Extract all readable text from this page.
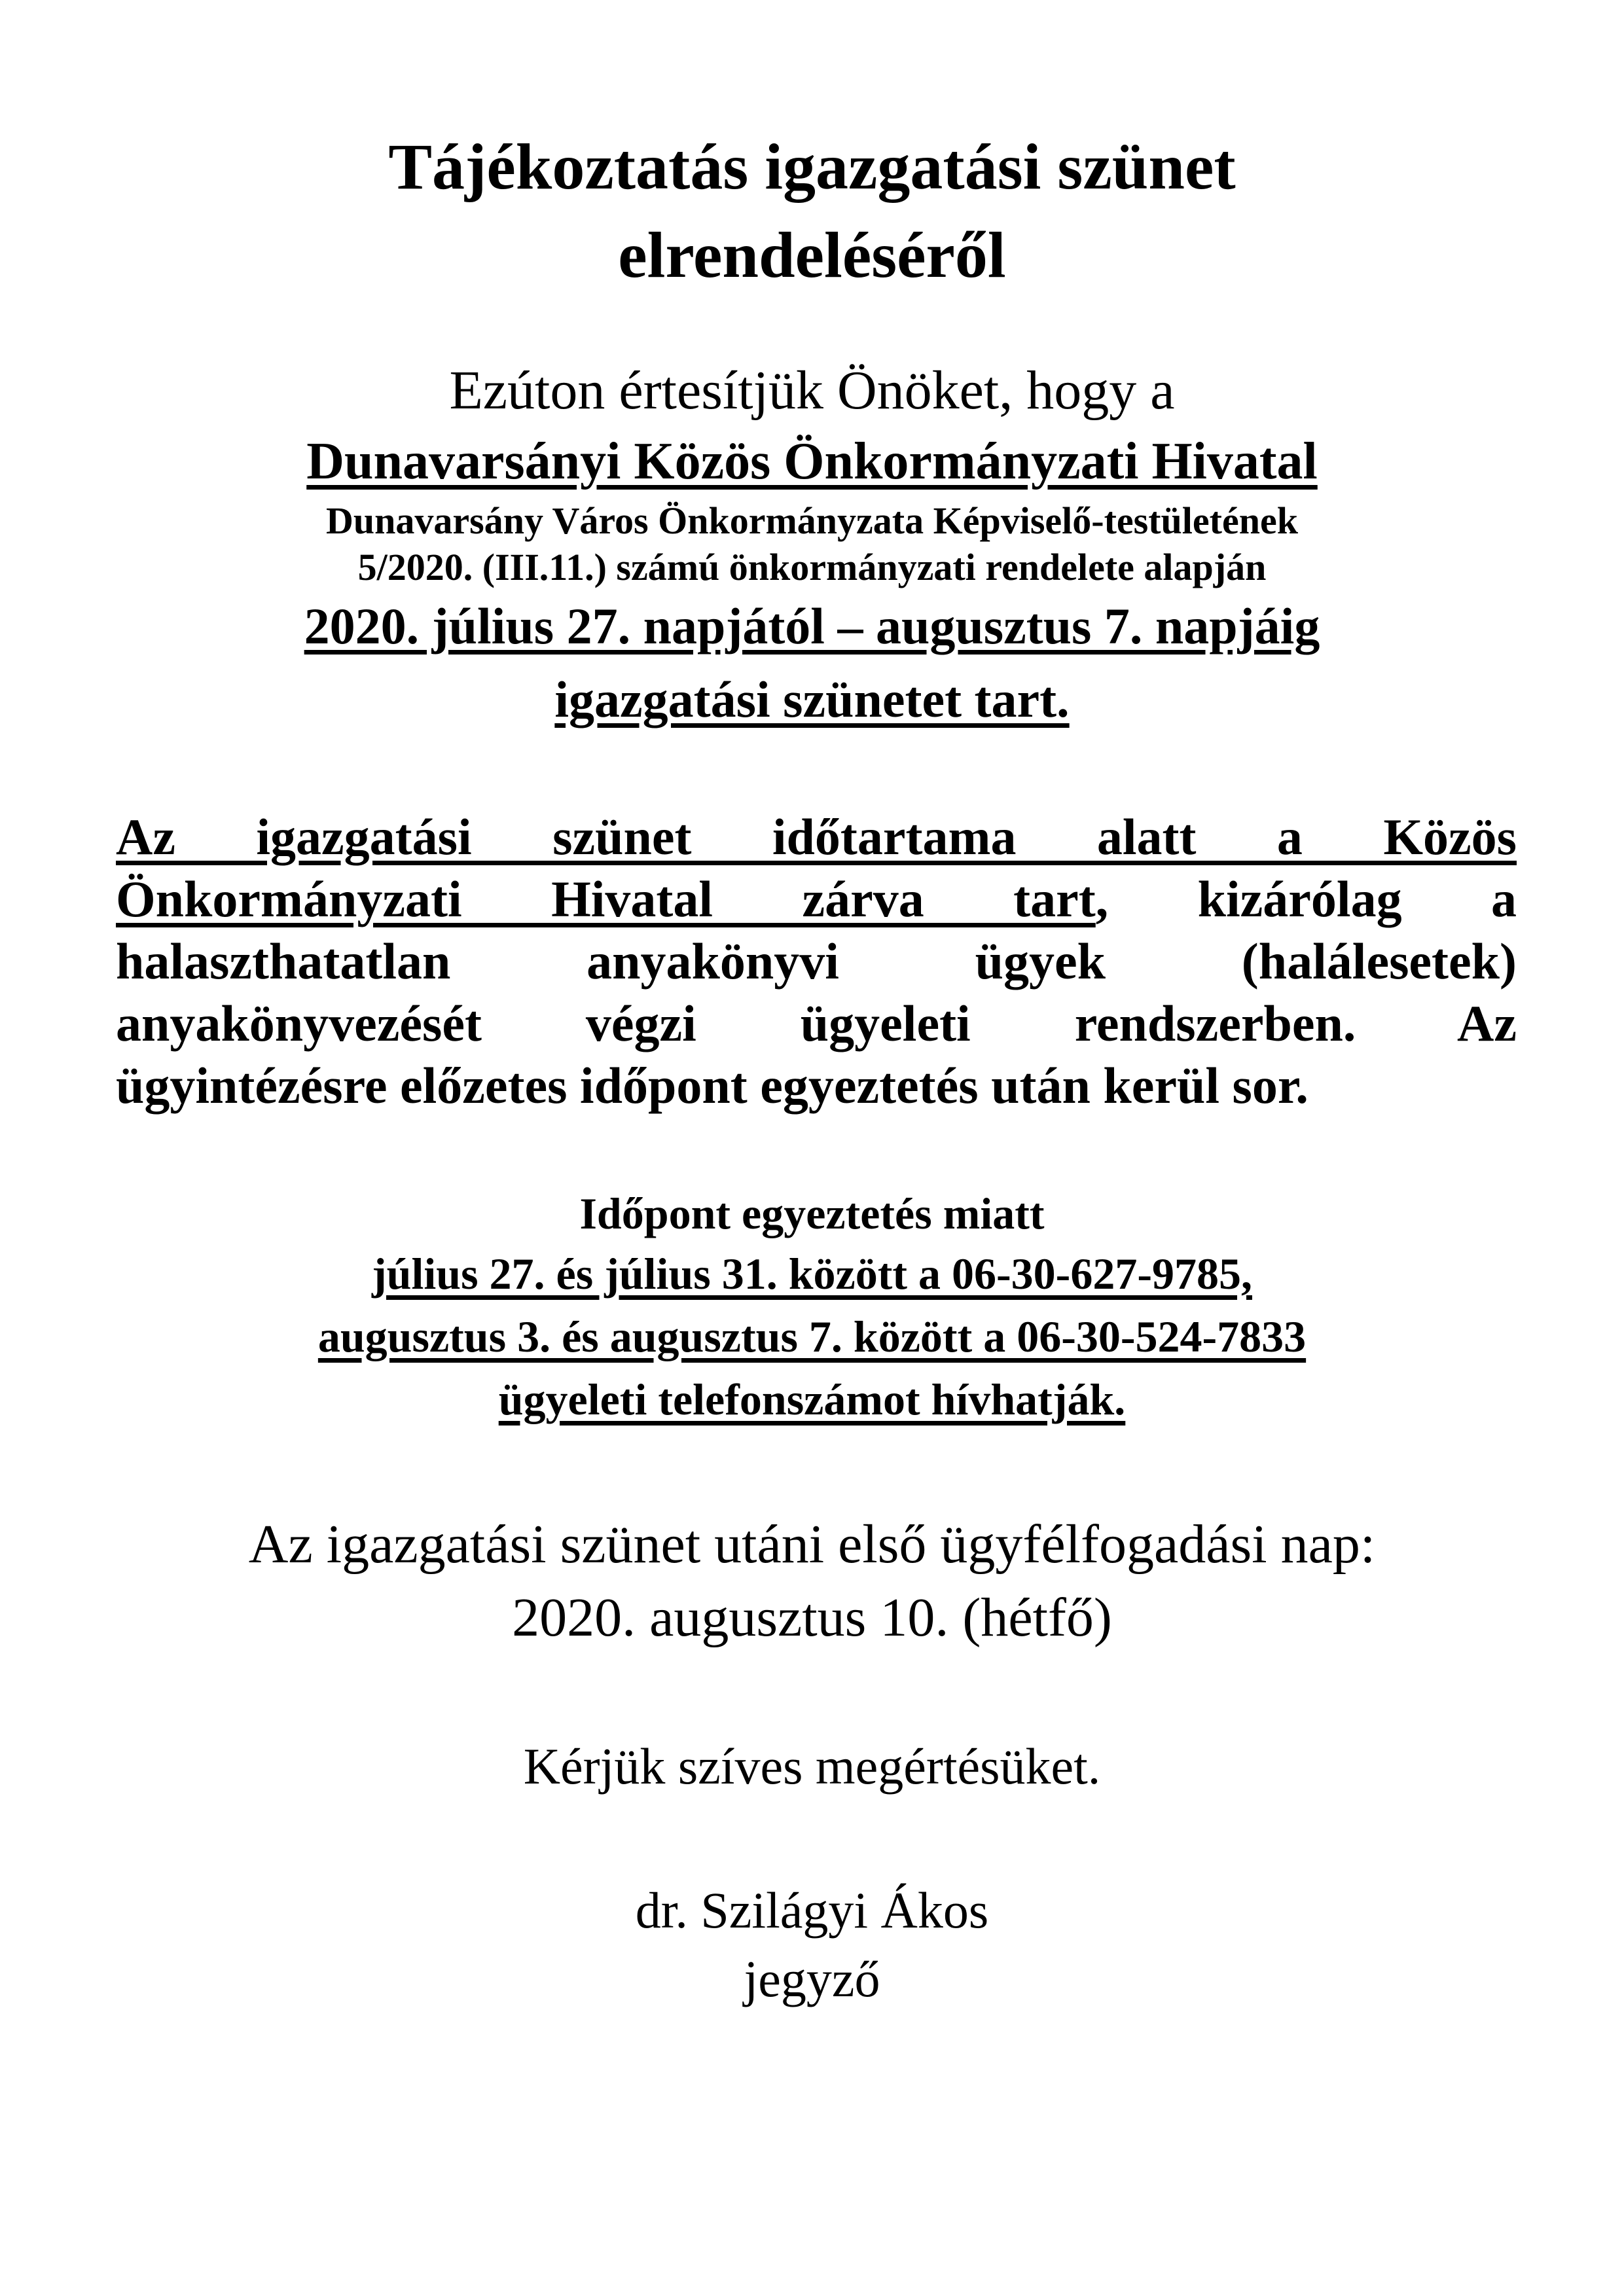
Tájékoztatás igazgatási szünet
elrendeléséről
Ezúton értesítjük Önöket, hogy a
Dunavarsányi Közös Önkormányzati Hivatal
Dunavarsány Város Önkormányzata Képviselő-testületének
5/2020. (III.11.) számú önkormányzati rendelete alapján
2020. július 27. napjától – augusztus 7. napjáig
igazgatási szünetet tart.
Az igazgatási szünet időtartama alatt a Közös
Önkormányzati Hivatal zárva tart, kizárólag a
halaszthatatlan anyakönyvi ügyek (halálesetek)
anyakönyvezését végzi ügyeleti rendszerben. Az
ügyintézésre előzetes időpont egyeztetés után kerül sor.
Időpont egyeztetés miatt
július 27. és július 31. között a 06-30-627-9785,
augusztus 3. és augusztus 7. között a 06-30-524-7833
ügyeleti telefonszámot hívhatják.
Az igazgatási szünet utáni első ügyfélfogadási nap:
2020. augusztus 10. (hétfő)
Kérjük szíves megértésüket.
dr. Szilágyi Ákos
jegyző
